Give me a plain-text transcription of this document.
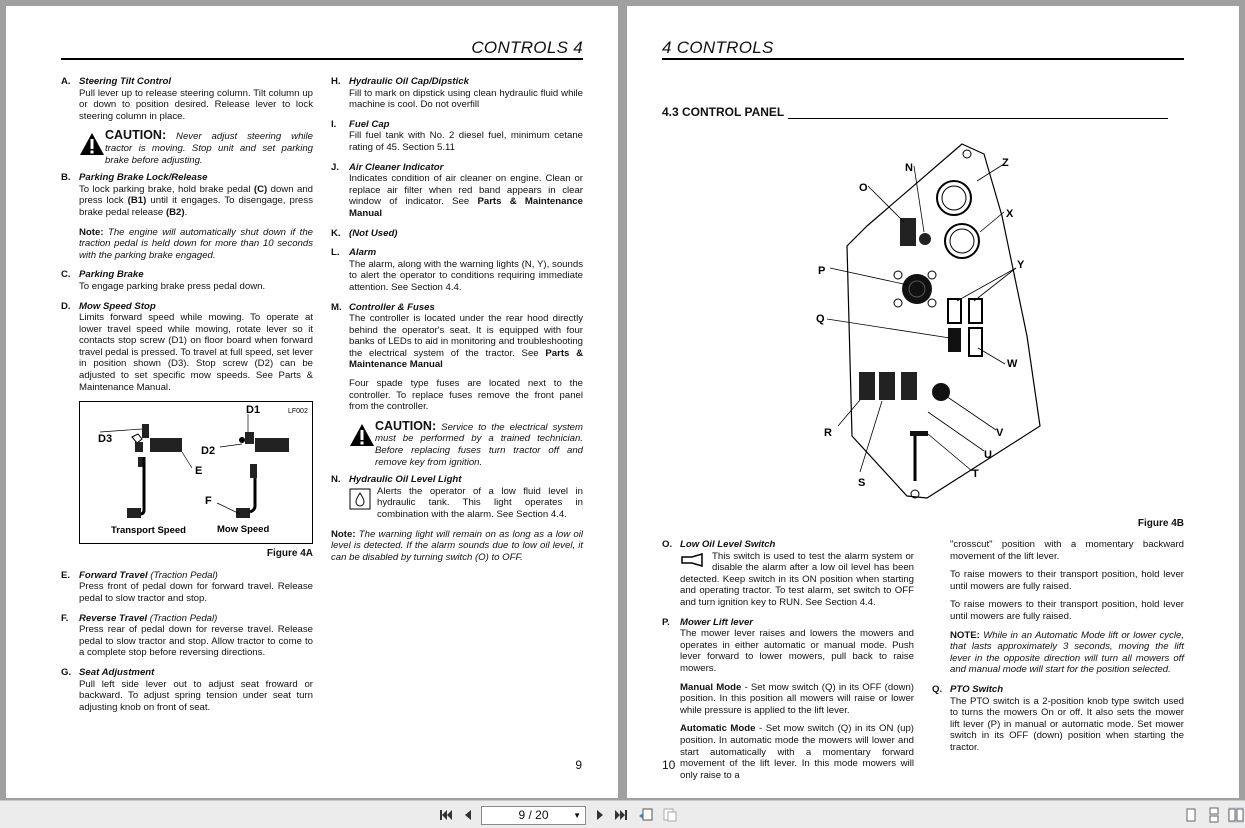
CONTROLS 4
A. Steering Tilt Control
Pull lever up to release steering column. Tilt column up or down to position desired. Release lever to lock steering column in place.
CAUTION: Never adjust steering while tractor is moving. Stop unit and set parking brake before adjusting.
B. Parking Brake Lock/Release
To lock parking brake, hold brake pedal (C) down and press lock (B1) until it engages. To disengage, press brake pedal release (B2).
Note: The engine will automatically shut down if the traction pedal is held down for more than 10 seconds with the parking brake engaged.
C. Parking Brake
To engage parking brake press pedal down.
D. Mow Speed Stop
Limits forward speed while mowing. To operate at lower travel speed while mowing, rotate lever so it contacts stop screw (D1) on floor board when forward travel pedal is pressed. To travel at full speed, set lever in position shown (D3). Stop screw (D2) can be adjusted to set specific mow speeds. See Parts & Maintenance Manual.
LF002
D3
D1
D2
E
F
Transport Speed	Mow Speed
Figure 4A
E. Forward Travel (Traction Pedal)
Press front of pedal down for forward travel. Release pedal to slow tractor and stop.
F. Reverse Travel (Traction Pedal)
Press rear of pedal down for reverse travel. Release pedal to slow tractor and stop. Allow tractor to come to a complete stop before reversing directions.
G. Seat Adjustment
Pull left side lever out to adjust seat froward or backward. To adjust spring tension under seat turn adjusting knob on front of seat.
H. Hydraulic Oil Cap/Dipstick
Fill to mark on dipstick using clean hydraulic fluid while machine is cool. Do not overfill
I. Fuel Cap
Fill fuel tank with No. 2 diesel fuel, minimum cetane rating of 45. Section 5.11
J. Air Cleaner Indicator
Indicates condition of air cleaner on engine. Clean or replace air filter when red band appears in clear window of indicator. See Parts & Maintenance Manual
K. (Not Used)
L. Alarm
The alarm, along with the warning lights (N, Y), sounds to alert the operator to conditions requiring immediate attention. See Section 4.4.
M. Controller & Fuses
The controller is located under the rear hood directly behind the operator's seat. It is equipped with four banks of LEDs to aid in monitoring and troubleshooting the electrical system of the tractor. See Parts & Maintenance Manual
Four spade type fuses are located next to the controller. To replace fuses remove the front panel from the controller.
CAUTION: Service to the electrical system must be performed by a trained technician. Before replacing fuses turn tractor off and remove key from ignition.
N. Hydraulic Oil Level Light
Alerts the operator of a low fluid level in hydraulic tank. This light operates in combination with the alarm. See Section 4.4.
Note: The warning light will remain on as long as a low oil level is detected. If the alarm sounds due to low oil level, it can be disabled by turning switch (O) to OFF.
9
4 CONTROLS
4.3 CONTROL PANEL
N	Z
O
X
P	Y
Q
W
R	V
U
T
S
Figure 4B
O. Low Oil Level Switch
This switch is used to test the alarm system or disable the alarm after a low oil level has been detected. Keep switch in its ON position when starting and operating tractor. To test alarm, set switch to OFF and turn ignition key to RUN. See Section 4.4.
P. Mower Lift lever
The mower lever raises and lowers the mowers and operates in either automatic or manual mode. Push lever forward to lower mowers, pull back to raise mowers.
Manual Mode - Set mow switch (Q) in its OFF (down) position. In this position all mowers will raise or lower while pressure is applied to the lift lever.
Automatic Mode - Set mow switch (Q) in its ON (up) position. In automatic mode the mowers will lower and start automatically with a momentary forward movement of the lift lever. In this mode mowers will only raise to a
"crosscut" position with a momentary backward movement of the lift lever.
To raise mowers to their transport position, hold lever until mowers are fully raised.
To raise mowers to their transport position, hold lever until mowers are fully raised.
NOTE: While in an Automatic Mode lift or lower cycle, that lasts approximately 3 seconds, moving the lift lever in the opposite direction will turn all mowers off and manual mode will start for the position selected.
Q. PTO Switch
The PTO switch is a 2-position knob type switch used to turns the mowers On or off. It also sets the mower lift lever (P) in manual or automatic mode. Set mower switch in its OFF (down) position when starting the tractor.
10
9 / 20	▼
